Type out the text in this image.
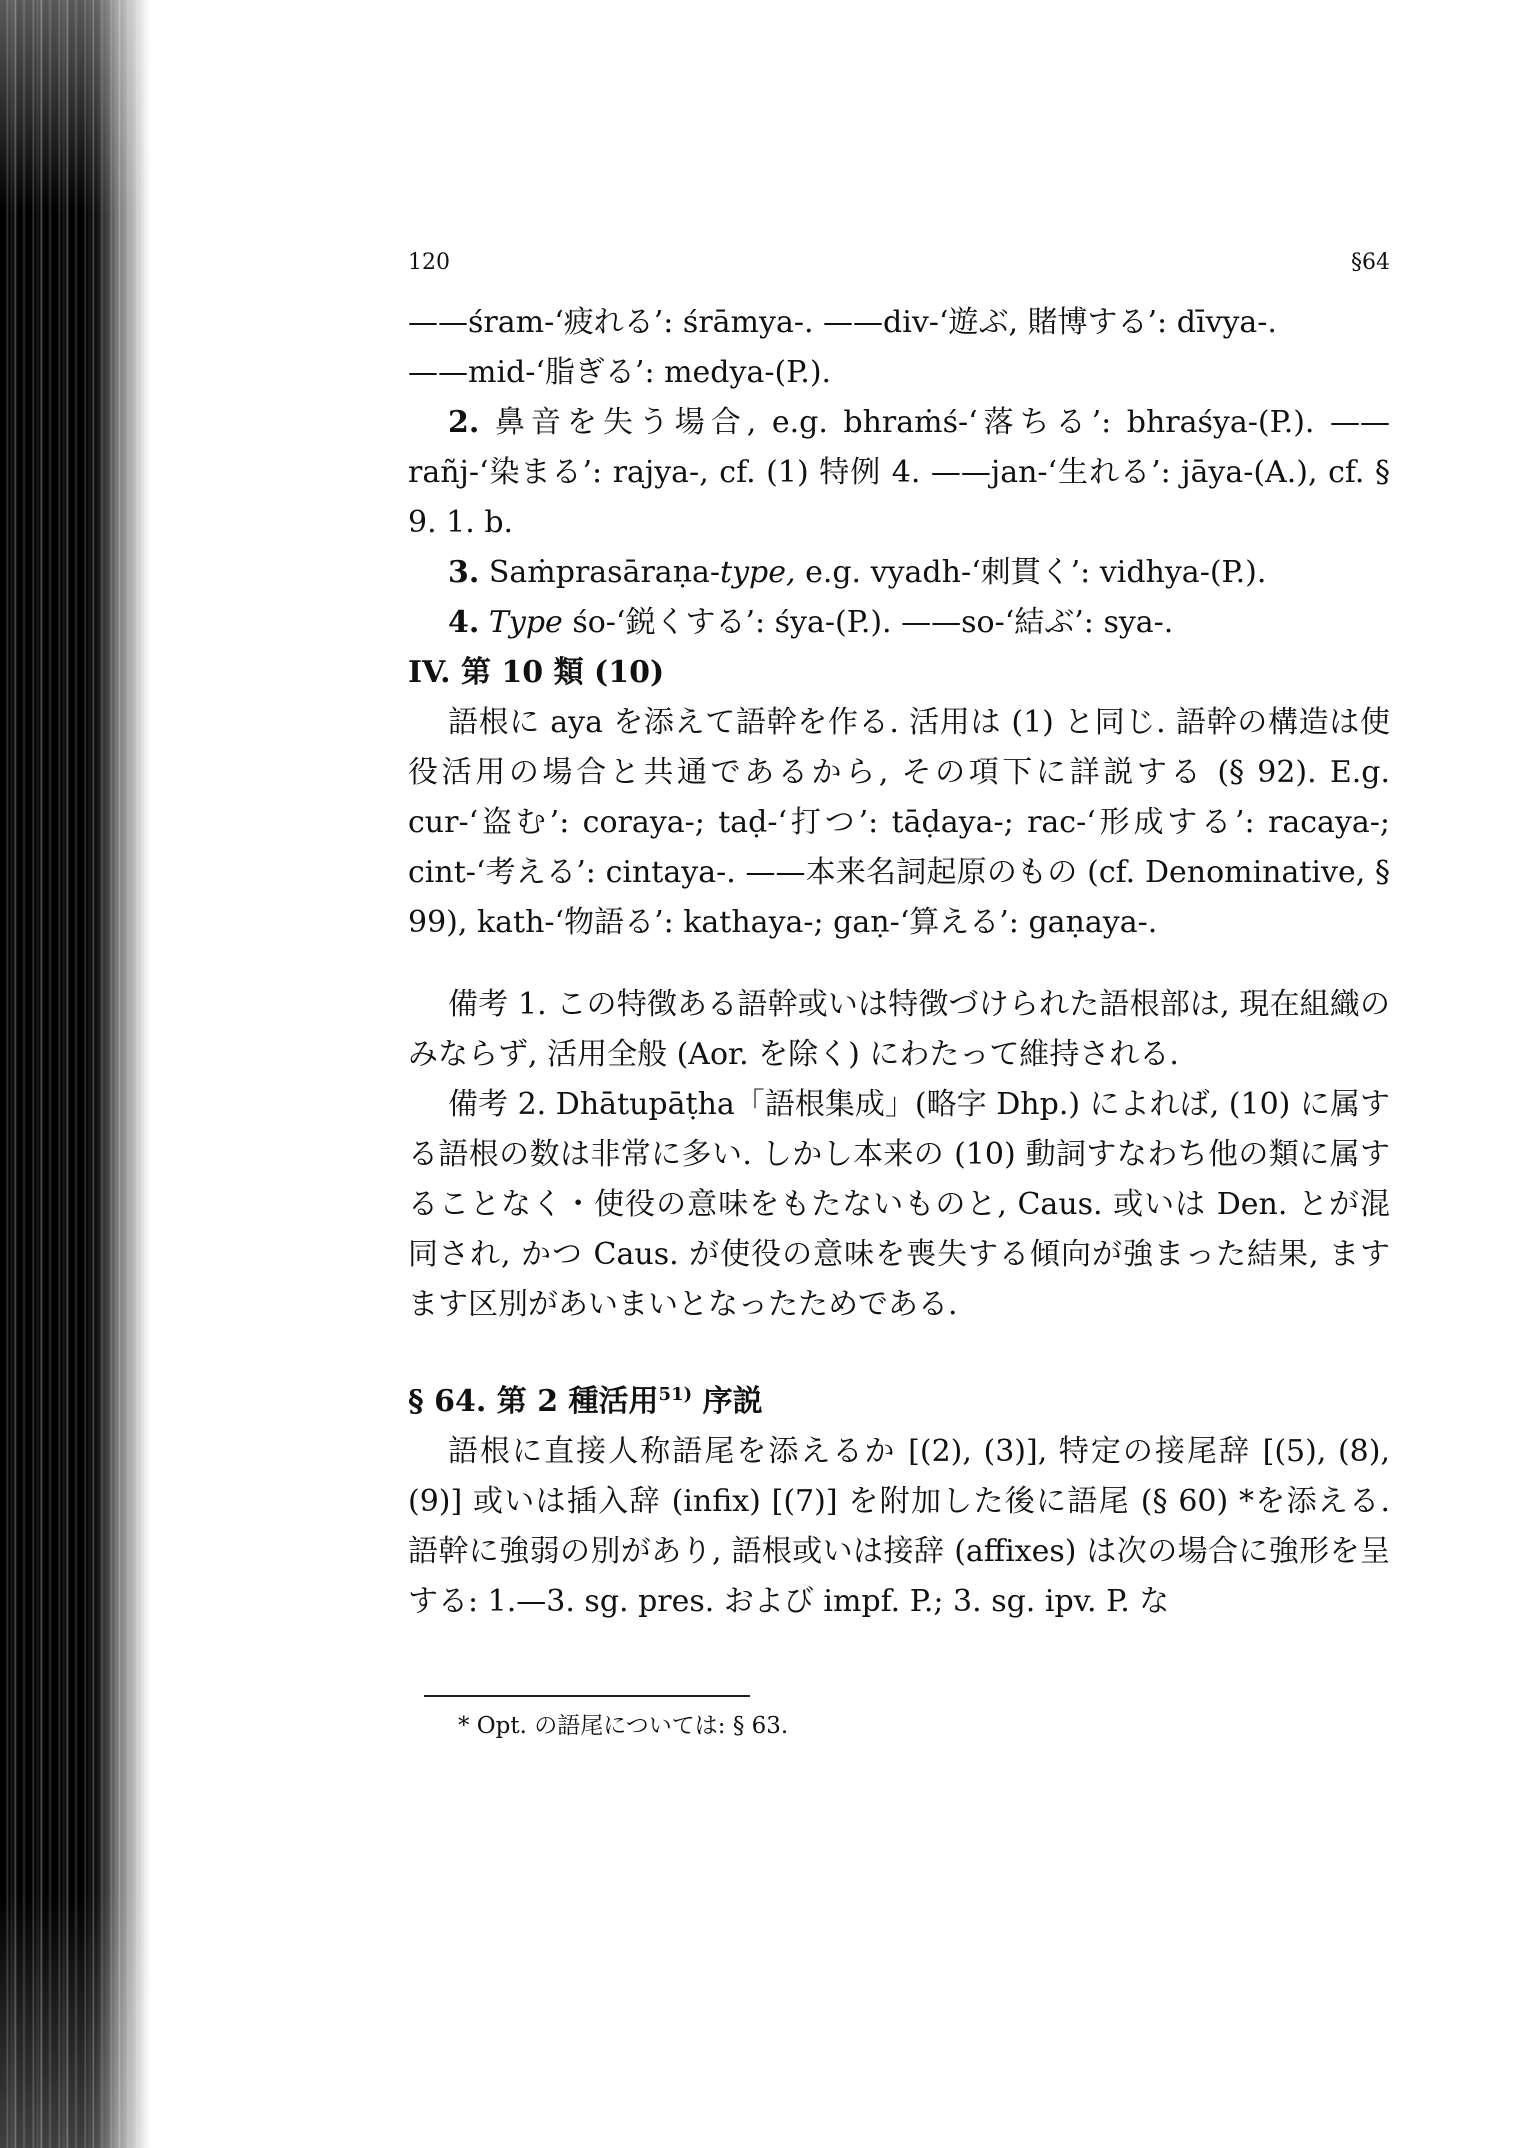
120	§64

——śram-‘疲れる’: śrāmya-. ——div-‘遊ぶ, 賭博する’: dīvya-.

——mid-‘脂ぎる’: medya-(P.).

2. 鼻音を失う場合, e.g. bhraṁś-‘落ちる’: bhraśya-(P.). ——rañj-‘染まる’: rajya-, cf. (1) 特例 4. ——jan-‘生れる’: jāya-(A.), cf. § 9. 1. b.

3. Saṁprasāraṇa-type, e.g. vyadh-‘刺貫く’: vidhya-(P.).

4. Type śo-‘鋭くする’: śya-(P.). ——so-‘結ぶ’: sya-.

IV. 第 10 類 (10)

語根に aya を添えて語幹を作る. 活用は (1) と同じ. 語幹の構造は使役活用の場合と共通であるから, その項下に詳説する (§ 92). E.g. cur-‘盗む’: coraya-; taḍ-‘打つ’: tāḍaya-; rac-‘形成する’: racaya-; cint-‘考える’: cintaya-. ——本来名詞起原のもの (cf. Denominative, § 99), kath-‘物語る’: kathaya-; gaṇ-‘算える’: gaṇaya-.

備考 1. この特徴ある語幹或いは特徴づけられた語根部は, 現在組織のみならず, 活用全般 (Aor. を除く) にわたって維持される.

備考 2. Dhātupāṭha「語根集成」(略字 Dhp.) によれば, (10) に属する語根の数は非常に多い. しかし本来の (10) 動詞すなわち他の類に属することなく・使役の意味をもたないものと, Caus. 或いは Den. とが混同され, かつ Caus. が使役の意味を喪失する傾向が強まった結果, ますます区別があいまいとなったためである.

§ 64. 第 2 種活用$^{51)}$ 序説

語根に直接人称語尾を添えるか [(2), (3)], 特定の接尾辞 [(5), (8), (9)] 或いは插入辞 (infix) [(7)] を附加した後に語尾 (§ 60) *を添える. 語幹に強弱の別があり, 語根或いは接辞 (affixes) は次の場合に強形を呈する: 1.—3. sg. pres. および impf. P.; 3. sg. ipv. P. な

* Opt. の語尾については: § 63.
